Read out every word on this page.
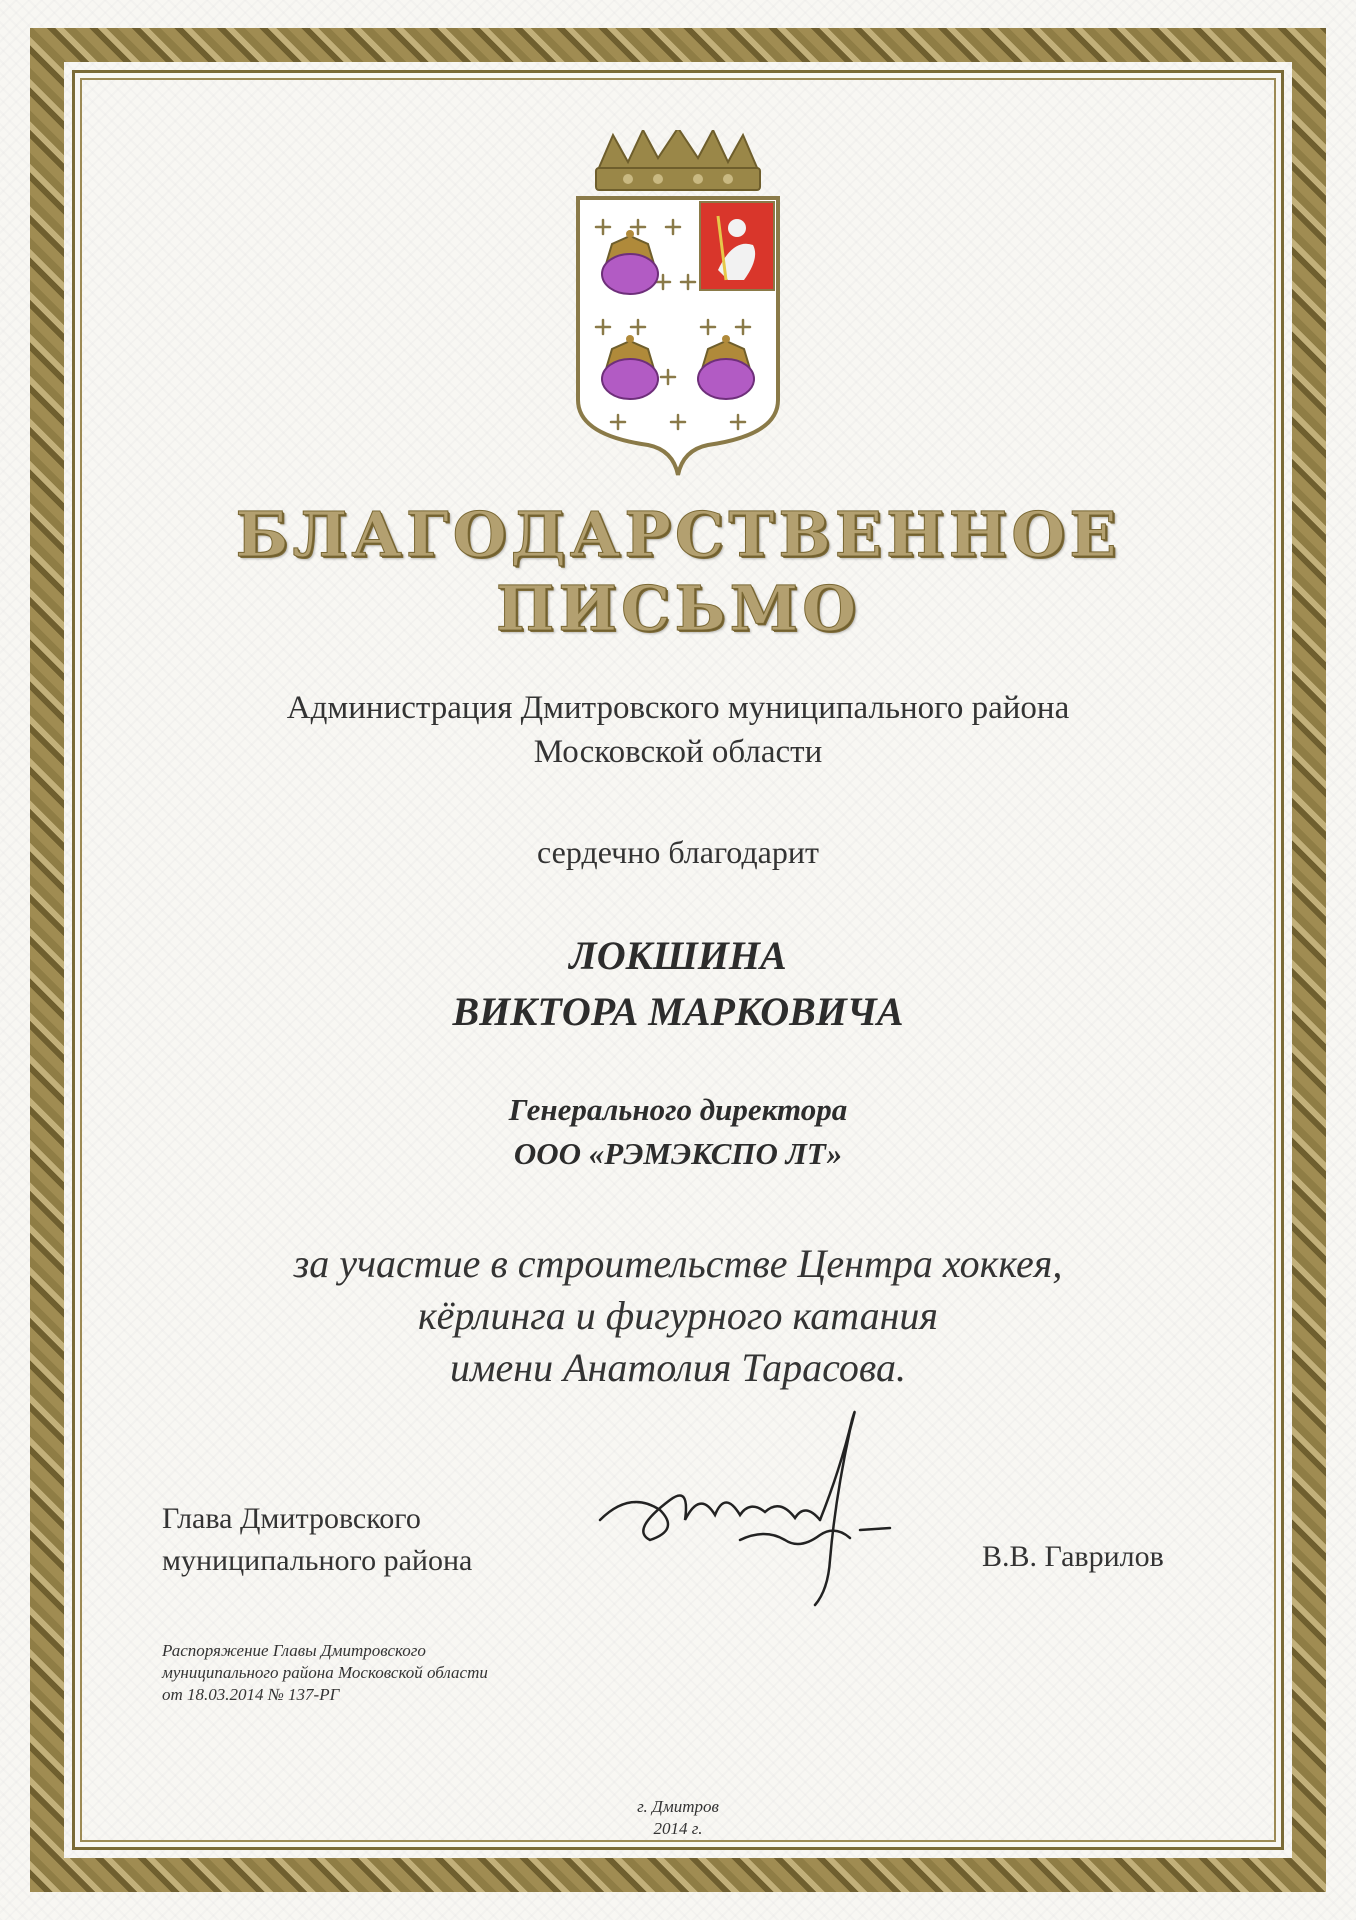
БЛАГОДАРСТВЕННОЕ
ПИСЬМО
Администрация Дмитровского муниципального района
Московской области
сердечно благодарит
ЛОКШИНА
ВИКТОРА МАРКОВИЧА
Генерального директора
ООО «РЭМЭКСПО ЛТ»
за участие в строительстве Центра хоккея,
кёрлинга и фигурного катания
имени Анатолия Тарасова.
Глава Дмитровского
муниципального района	В.В. Гаврилов
Распоряжение Главы Дмитровского
муниципального района Московской области
от 18.03.2014 № 137-РГ
г. Дмитров
2014 г.
